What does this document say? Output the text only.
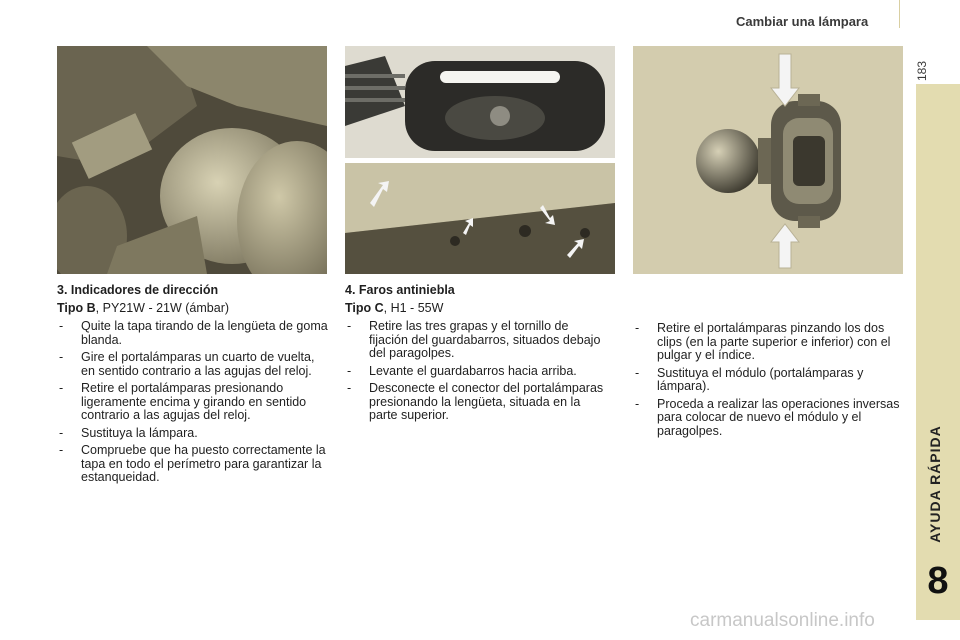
Cambiar una lámpara
183
AYUDA RÁPIDA
8
3. Indicadores de dirección
Tipo B, PY21W - 21W (ámbar)
- Quite la tapa tirando de la lengüeta de goma blanda.
- Gire el portalámparas un cuarto de vuelta, en sentido contrario a las agujas del reloj.
- Retire el portalámparas presionando ligeramente encima y girando en sentido contrario a las agujas del reloj.
- Sustituya la lámpara.
- Compruebe que ha puesto correctamente la tapa en todo el perímetro para garantizar la estanqueidad.
4. Faros antiniebla
Tipo C, H1 - 55W
- Retire las tres grapas y el tornillo de fijación del guardabarros, situados debajo del paragolpes.
- Levante el guardabarros hacia arriba.
- Desconecte el conector del portalámparas presionando la lengüeta, situada en la parte superior.
- Retire el portalámparas pinzando los dos clips (en la parte superior e inferior) con el pulgar y el índice.
- Sustituya el módulo (portalámparas y lámpara).
- Proceda a realizar las operaciones inversas para colocar de nuevo el módulo y el paragolpes.
carmanualsonline.info
